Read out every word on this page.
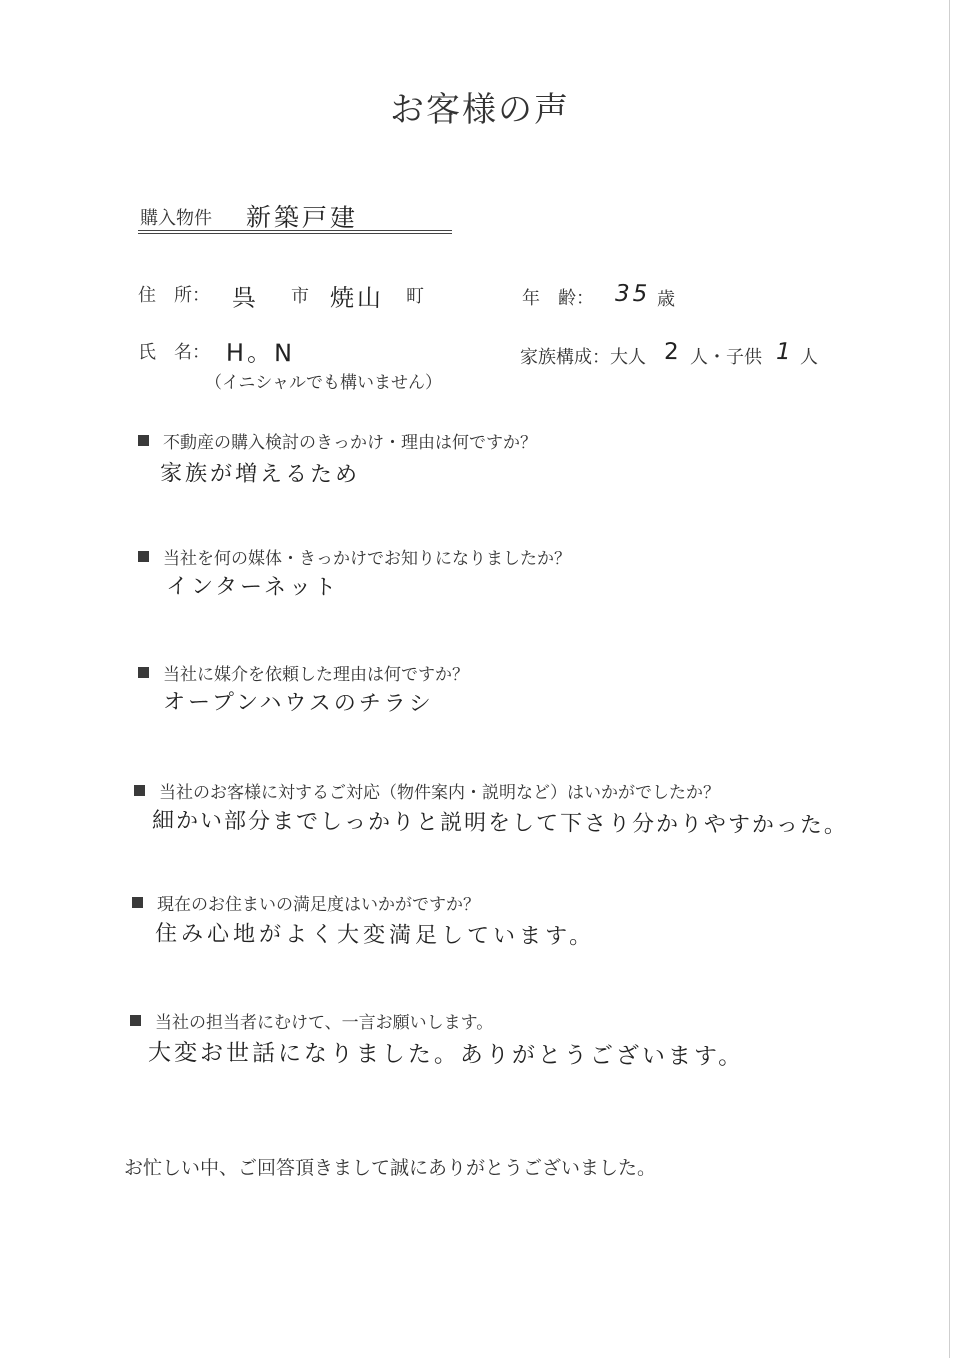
お客様の声
購入物件 新築戸建
住　所： 呉 市 焼山 町	年　齢： 35 歳
氏　名： H。N
（イニシャルでも構いません）
家族構成：大人 2 人・子供 1 人
不動産の購入検討のきっかけ・理由は何ですか？
家族が増えるため
当社を何の媒体・きっかけでお知りになりましたか？
インターネット
当社に媒介を依頼した理由は何ですか？
オープンハウスのチラシ
当社のお客様に対するご対応（物件案内・説明など）はいかがでしたか？
細かい部分までしっかりと説明をして下さり分かりやすかった。
現在のお住まいの満足度はいかがですか？
住み心地がよく大変満足しています。
当社の担当者にむけて、一言お願いします。
大変お世話になりました。ありがとうございます。
お忙しい中、ご回答頂きまして誠にありがとうございました。
